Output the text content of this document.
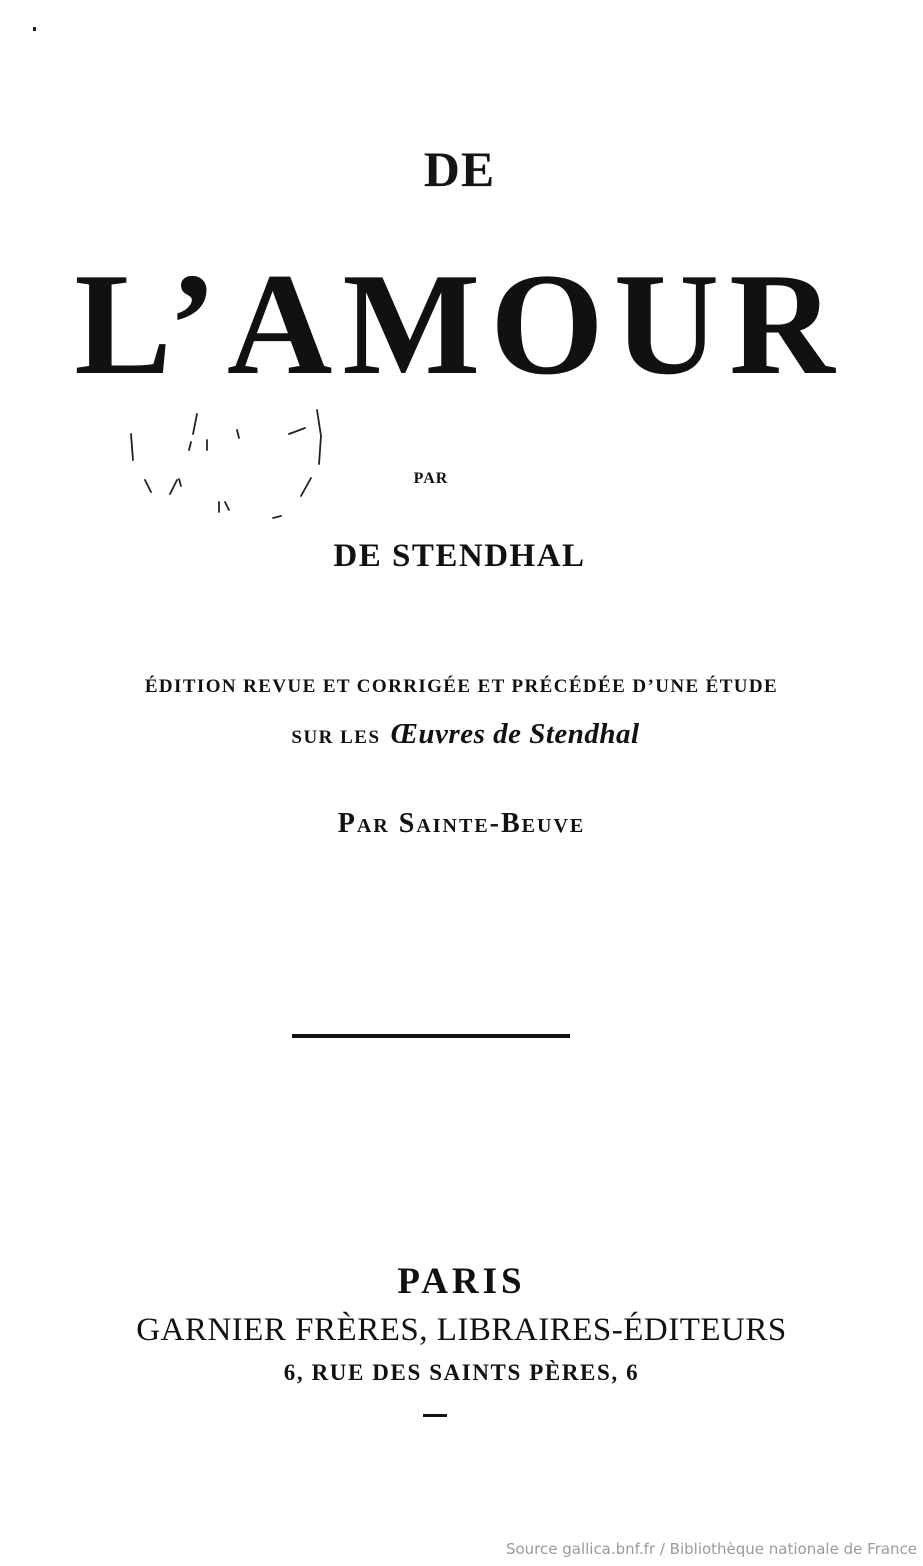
DE
L’AMOUR
PAR
DE STENDHAL
ÉDITION REVUE ET CORRIGÉE ET PRÉCÉDÉE D’UNE ÉTUDE
SUR LES Œuvres de Stendhal
Par Sainte-Beuve
PARIS
GARNIER FRÈRES, LIBRAIRES-ÉDITEURS
6, RUE DES SAINTS PÈRES, 6
Source gallica.bnf.fr / Bibliothèque nationale de France
